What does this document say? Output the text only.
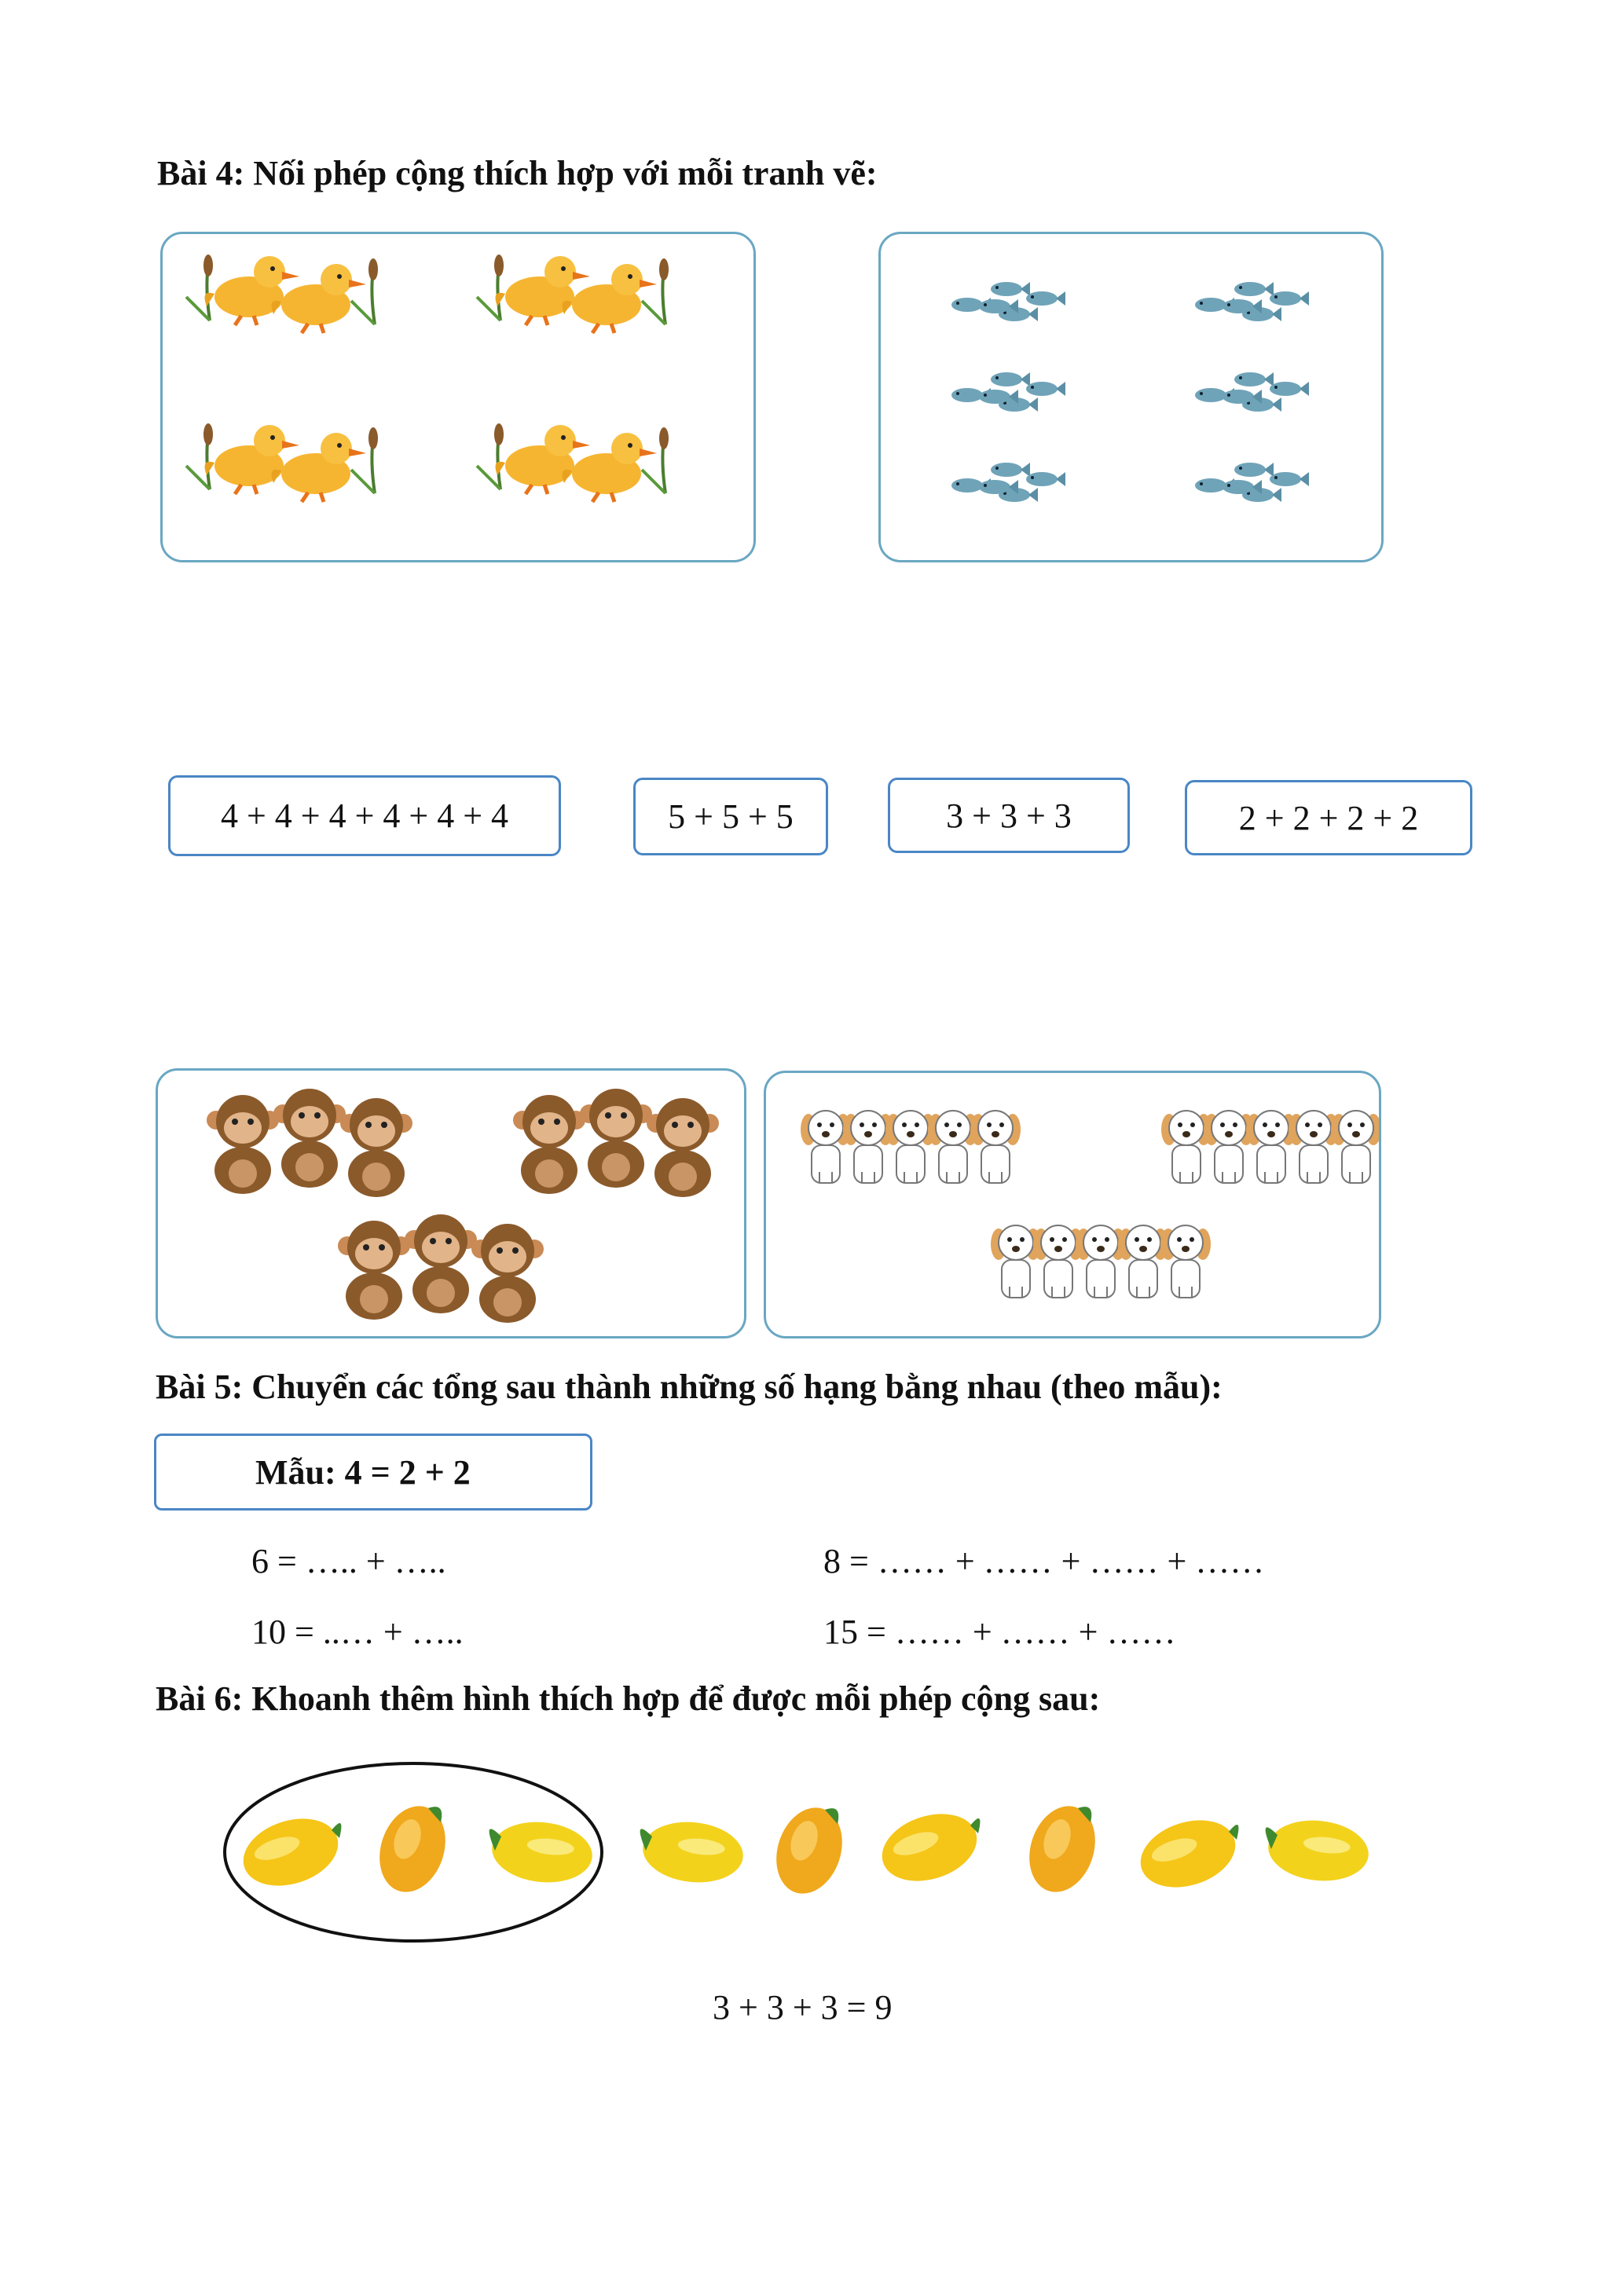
Bài 4: Nối phép cộng thích hợp với mỗi tranh vẽ:
4 + 4 + 4 + 4 + 4 + 4	5 + 5 + 5	3 + 3 + 3	2 + 2 + 2 + 2
Bài 5: Chuyển các tổng sau thành những số hạng bằng nhau (theo mẫu):
Mẫu: 4 = 2 + 2
6 = ….. + …..	8 = …… + …… + …… + ……
10 = ..… + …..	15 = …… + …… + ……
Bài 6: Khoanh thêm hình thích hợp để được mỗi phép cộng sau:
3 + 3 + 3 = 9
